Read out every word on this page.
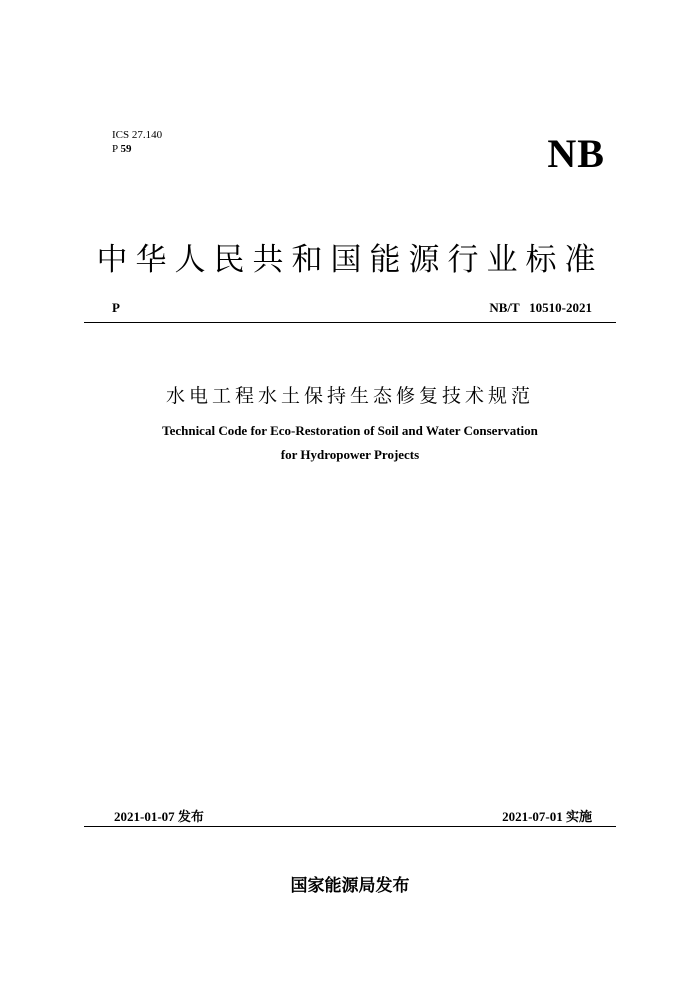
ICS 27.140
P 59	NB
中华人民共和国能源行业标准
P	NB/T   10510-2021
水电工程水土保持生态修复技术规范
Technical Code for Eco-Restoration of Soil and Water Conservation
for Hydropower Projects
2021-01-07 发布	2021-07-01 实施
国家能源局发布
